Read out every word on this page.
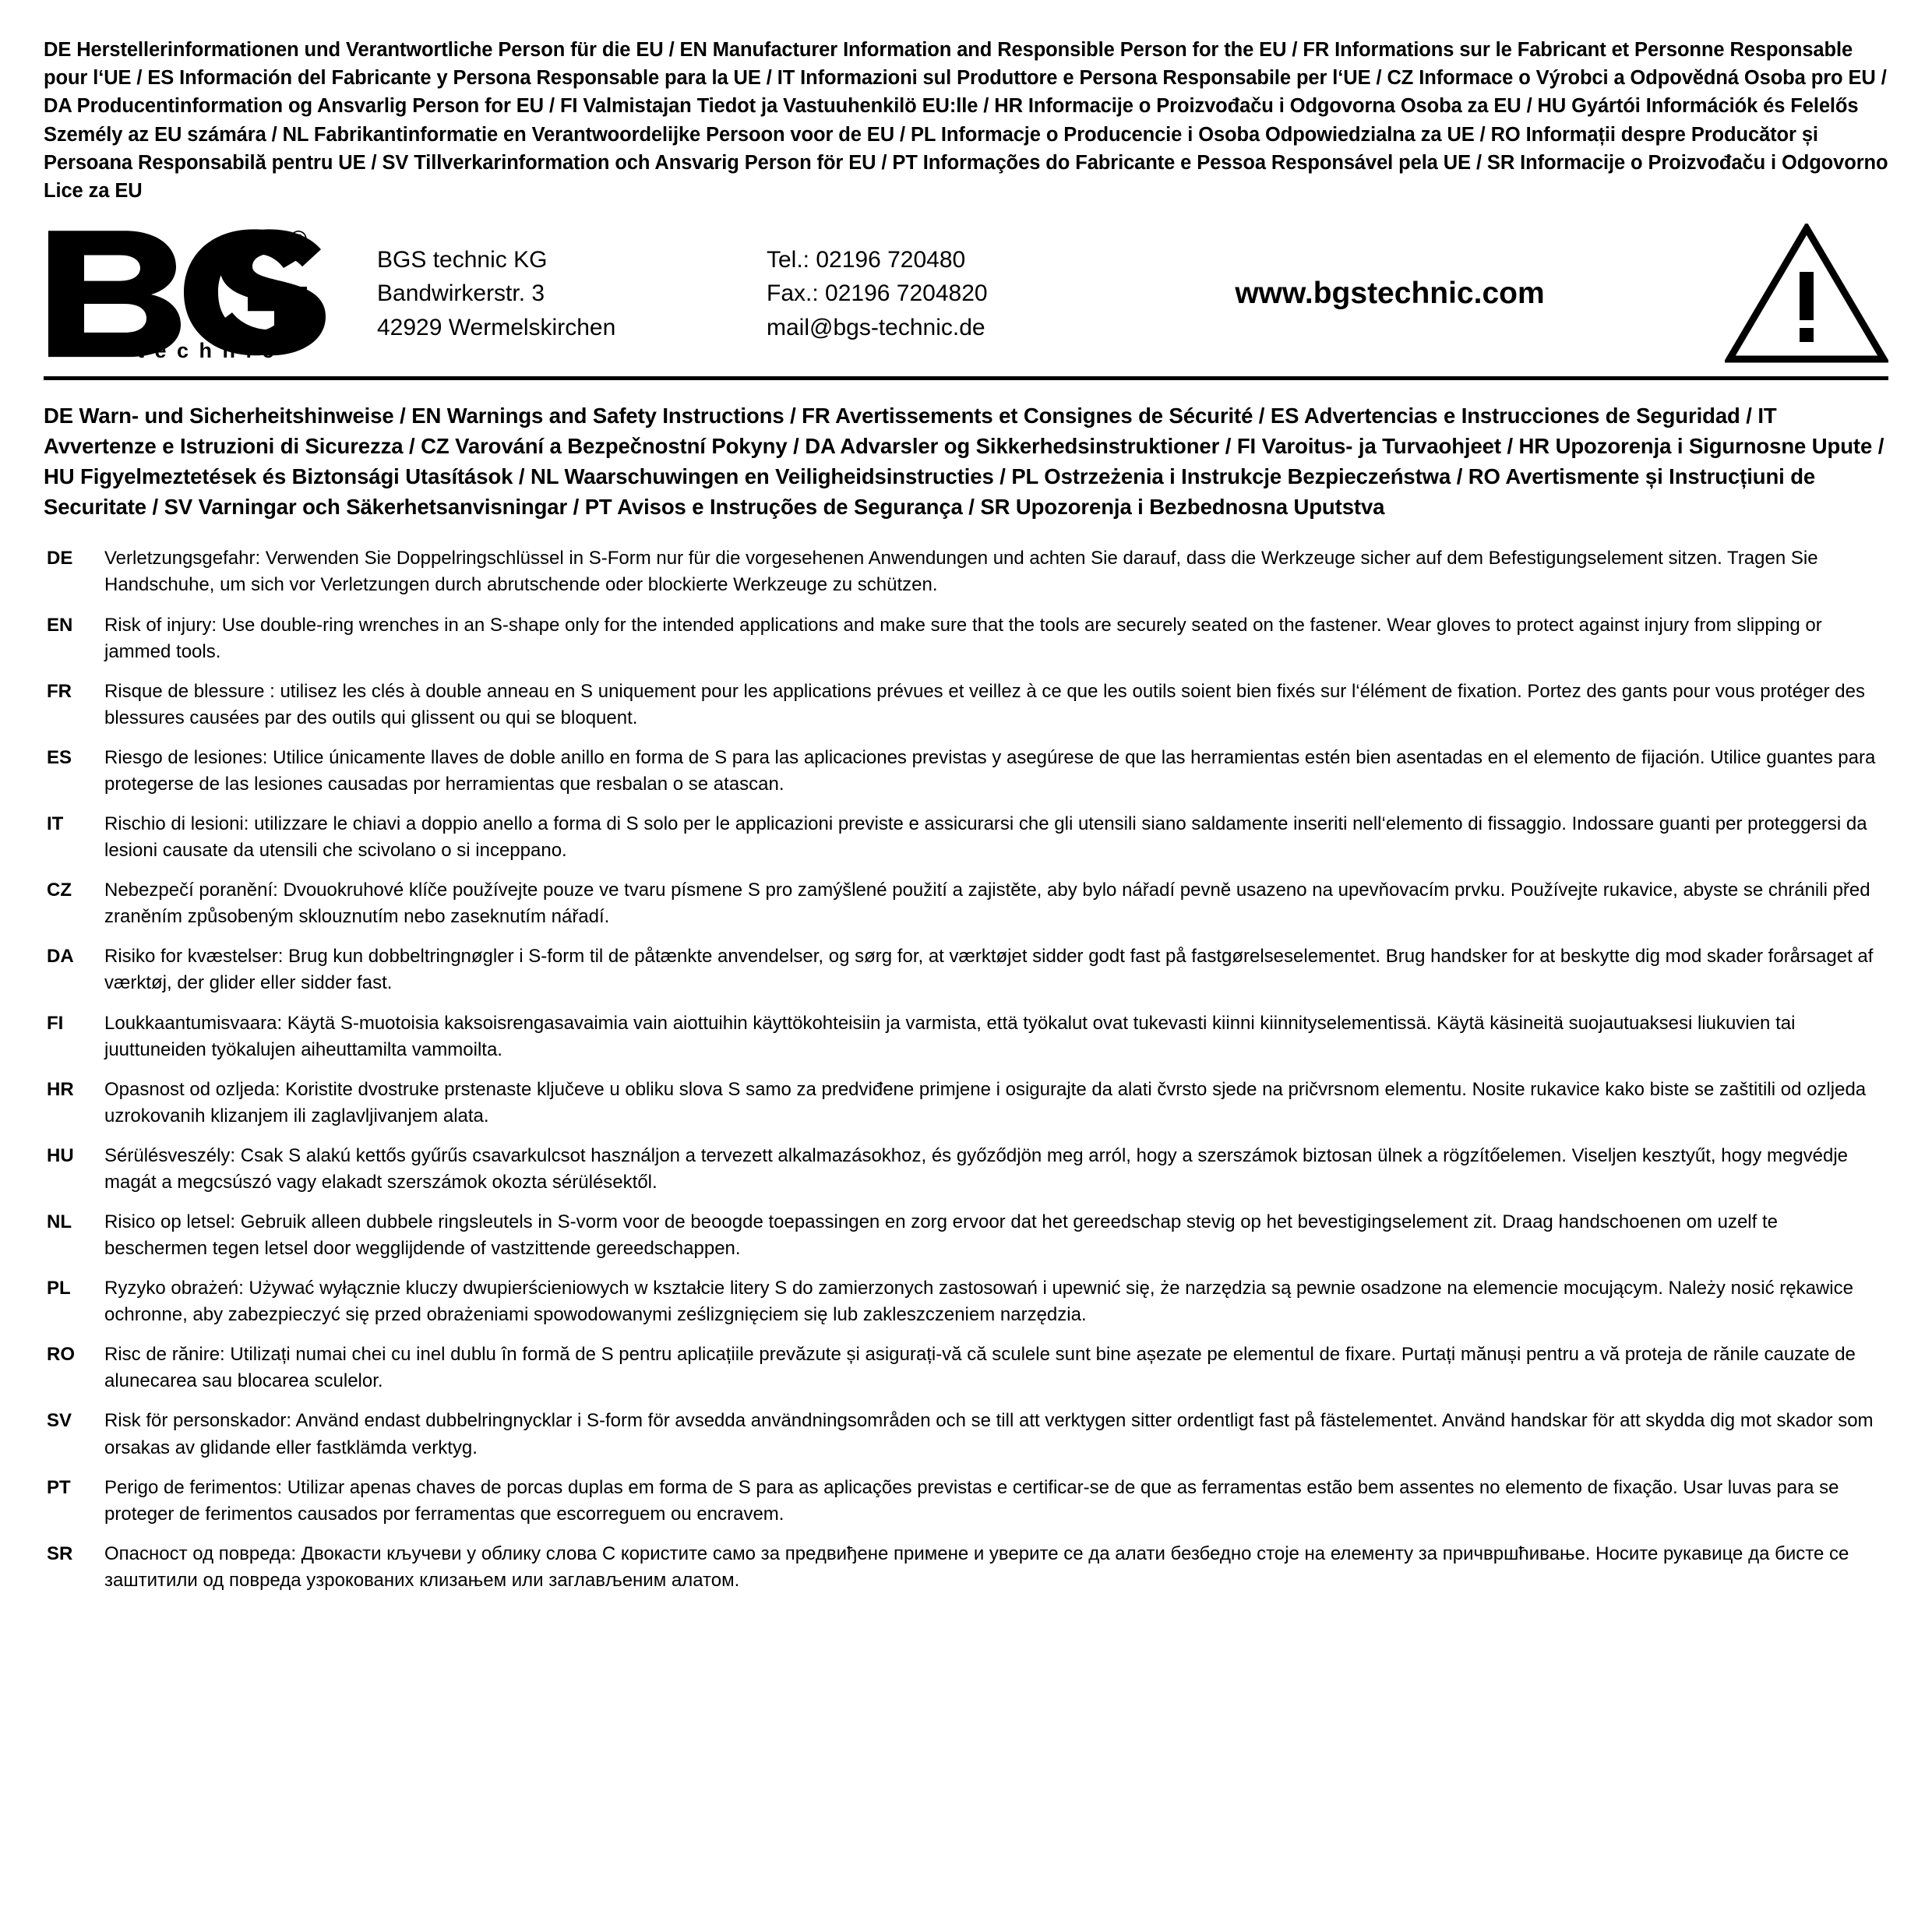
DE Herstellerinformationen und Verantwortliche Person für die EU / EN Manufacturer Information and Responsible Person for the EU / FR Informations sur le Fabricant et Personne Responsable pour l‘UE / ES Información del Fabricante y Persona Responsable para la UE / IT Informazioni sul Produttore e Persona Responsabile per l‘UE / CZ Informace o Výrobci a Odpovědná Osoba pro EU / DA Producentinformation og Ansvarlig Person for EU / FI Valmistajan Tiedot ja Vastuuhenkilö EU:lle / HR Informacije o Proizvođaču i Odgovorna Osoba za EU / HU Gyártói Információk és Felelős Személy az EU számára / NL Fabrikantinformatie en Verantwoordelijke Persoon voor de EU / PL Informacje o Producencie i Osoba Odpowiedzialna za UE / RO Informații despre Producător și Persoana Responsabilă pentru UE / SV Tillverkarinformation och Ansvarig Person för EU / PT Informações do Fabricante e Pessoa Responsável pela UE / SR Informacije o Proizvođaču i Odgovorno Lice za EU
®
t e c h n i c
BGS technic KG
Bandwirkerstr. 3
42929 Wermelskirchen
Tel.: 02196 720480
Fax.: 02196 7204820
mail@bgs-technic.de
www.bgstechnic.com
DE Warn- und Sicherheitshinweise / EN Warnings and Safety Instructions / FR Avertissements et Consignes de Sécurité / ES Advertencias e Instrucciones de Seguridad / IT Avvertenze e Istruzioni di Sicurezza / CZ Varování a Bezpečnostní Pokyny / DA Advarsler og Sikkerhedsinstruktioner / FI Varoitus- ja Turvaohjeet / HR Upozorenja i Sigurnosne Upute / HU Figyelmeztetések és Biztonsági Utasítások / NL Waarschuwingen en Veiligheidsinstructies / PL Ostrzeżenia i Instrukcje Bezpieczeństwa / RO Avertismente și Instrucțiuni de Securitate / SV Varningar och Säkerhetsanvisningar / PT Avisos e Instruções de Segurança / SR Upozorenja i Bezbednosna Uputstva
DE	Verletzungsgefahr: Verwenden Sie Doppelringschlüssel in S-Form nur für die vorgesehenen Anwendungen und achten Sie darauf, dass die Werkzeuge sicher auf dem Befestigungselement sitzen. Tragen Sie Handschuhe, um sich vor Verletzungen durch abrutschende oder blockierte Werkzeuge zu schützen.
EN	Risk of injury: Use double-ring wrenches in an S-shape only for the intended applications and make sure that the tools are securely seated on the fastener. Wear gloves to protect against injury from slipping or jammed tools.
FR	Risque de blessure : utilisez les clés à double anneau en S uniquement pour les applications prévues et veillez à ce que les outils soient bien fixés sur l‘élément de fixation. Portez des gants pour vous protéger des blessures causées par des outils qui glissent ou qui se bloquent.
ES	Riesgo de lesiones: Utilice únicamente llaves de doble anillo en forma de S para las aplicaciones previstas y asegúrese de que las herramientas estén bien asentadas en el elemento de fijación. Utilice guantes para protegerse de las lesiones causadas por herramientas que resbalan o se atascan.
IT	Rischio di lesioni: utilizzare le chiavi a doppio anello a forma di S solo per le applicazioni previste e assicurarsi che gli utensili siano saldamente inseriti nell‘elemento di fissaggio. Indossare guanti per proteggersi da lesioni causate da utensili che scivolano o si inceppano.
CZ	Nebezpečí poranění: Dvouokruhové klíče používejte pouze ve tvaru písmene S pro zamýšlené použití a zajistěte, aby bylo nářadí pevně usazeno na upevňovacím prvku. Používejte rukavice, abyste se chránili před zraněním způsobeným sklouznutím nebo zaseknutím nářadí.
DA	Risiko for kvæstelser: Brug kun dobbeltringnøgler i S-form til de påtænkte anvendelser, og sørg for, at værktøjet sidder godt fast på fastgørelseselementet. Brug handsker for at beskytte dig mod skader forårsaget af værktøj, der glider eller sidder fast.
FI	Loukkaantumisvaara: Käytä S-muotoisia kaksoisrengasavaimia vain aiottuihin käyttökohteisiin ja varmista, että työkalut ovat tukevasti kiinni kiinnityselementissä. Käytä käsineitä suojautuaksesi liukuvien tai juuttuneiden työkalujen aiheuttamilta vammoilta.
HR	Opasnost od ozljeda: Koristite dvostruke prstenaste ključeve u obliku slova S samo za predviđene primjene i osigurajte da alati čvrsto sjede na pričvrsnom elementu. Nosite rukavice kako biste se zaštitili od ozljeda uzrokovanih klizanjem ili zaglavljivanjem alata.
HU	Sérülésveszély: Csak S alakú kettős gyűrűs csavarkulcsot használjon a tervezett alkalmazásokhoz, és győződjön meg arról, hogy a szerszámok biztosan ülnek a rögzítőelemen. Viseljen kesztyűt, hogy megvédje magát a megcsúszó vagy elakadt szerszámok okozta sérülésektől.
NL	Risico op letsel: Gebruik alleen dubbele ringsleutels in S-vorm voor de beoogde toepassingen en zorg ervoor dat het gereedschap stevig op het bevestigingselement zit. Draag handschoenen om uzelf te beschermen tegen letsel door wegglijdende of vastzittende gereedschappen.
PL	Ryzyko obrażeń: Używać wyłącznie kluczy dwupierścieniowych w kształcie litery S do zamierzonych zastosowań i upewnić się, że narzędzia są pewnie osadzone na elemencie mocującym. Należy nosić rękawice ochronne, aby zabezpieczyć się przed obrażeniami spowodowanymi ześlizgnięciem się lub zakleszczeniem narzędzia.
RO	Risc de rănire: Utilizați numai chei cu inel dublu în formă de S pentru aplicațiile prevăzute și asigurați-vă că sculele sunt bine așezate pe elementul de fixare. Purtați mănuși pentru a vă proteja de rănile cauzate de aluneсarea sau blocarea sculelor.
SV	Risk för personskador: Använd endast dubbelringnycklar i S-form för avsedda användningsområden och se till att verktygen sitter ordentligt fast på fästelementet. Använd handskar för att skydda dig mot skador som orsakas av glidande eller fastklämda verktyg.
PT	Perigo de ferimentos: Utilizar apenas chaves de porcas duplas em forma de S para as aplicações previstas e certificar-se de que as ferramentas estão bem assentes no elemento de fixação. Usar luvas para se proteger de ferimentos causados por ferramentas que escorreguem ou encravem.
SR	Опасност од повреда: Двокасти кључеви у облику слова С користите само за предвиђене примене и уверите се да алати безбедно стоје на елементу за причвршћивање. Носите рукавице да бисте се заштитили од повреда узрокованих клизањем или заглављеним алатом.
